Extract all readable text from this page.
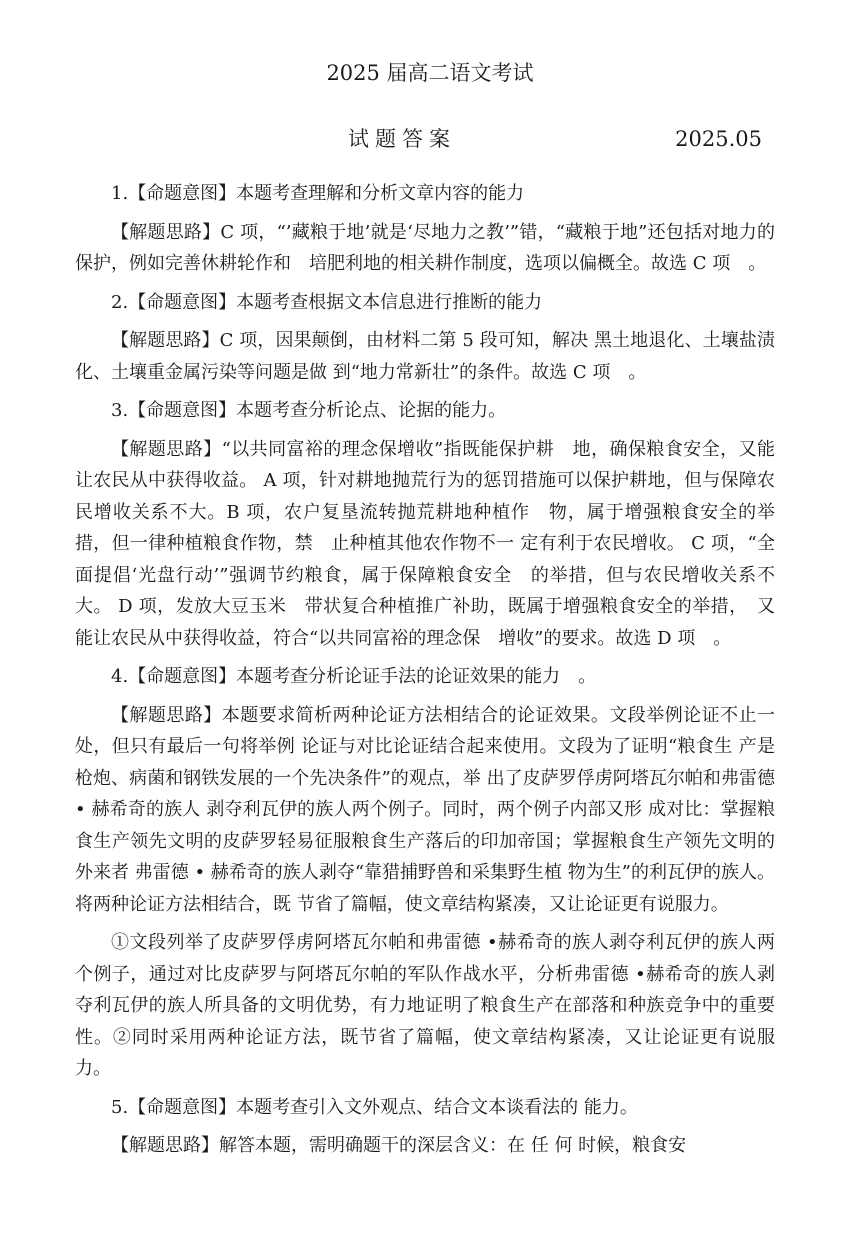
2025 届高二语文考试
试题答案	2025.05

1.【命题意图】本题考查理解和分析文章内容的能力

【解题思路】C 项，“’藏粮于地’就是‘尽地力之教’”错，“藏粮于地”还包括对地力的保护，例如完善休耕轮作和　培肥利地的相关耕作制度，选项以偏概全。故选 C 项　。

2.【命题意图】本题考查根据文本信息进行推断的能力

【解题思路】C 项，因果颠倒，由材料二第 5 段可知，解决 黑土地退化、土壤盐渍化、土壤重金属污染等问题是做 到“地力常新壮”的条件。故选 C 项　。

3.【命题意图】本题考查分析论点、论据的能力。

【解题思路】“以共同富裕的理念保增收”指既能保护耕　地，确保粮食安全，又能让农民从中获得收益。 A 项，针对耕地抛荒行为的惩罚措施可以保护耕地，但与保障农　民增收关系不大。B 项，农户复垦流转抛荒耕地种植作　物，属于增强粮食安全的举措，但一律种植粮食作物，禁　止种植其他农作物不一 定有利于农民增收。 C 项，“全　面提倡‘光盘行动’”强调节约粮食，属于保障粮食安全　的举措，但与农民增收关系不大。 D 项，发放大豆玉米　带状复合种植推广补助，既属于增强粮食安全的举措，　又能让农民从中获得收益，符合“以共同富裕的理念保　增收”的要求。故选 D 项　。

4.【命题意图】本题考查分析论证手法的论证效果的能力　。

【解题思路】本题要求简析两种论证方法相结合的论证效果。文段举例论证不止一处，但只有最后一句将举例 论证与对比论证结合起来使用。文段为了证明“粮食生 产是枪炮、病菌和钢铁发展的一个先决条件”的观点，举 出了皮萨罗俘虏阿塔瓦尔帕和弗雷德 • 赫希奇的族人 剥夺利瓦伊的族人两个例子。同时，两个例子内部又形 成对比：掌握粮食生产领先文明的皮萨罗轻易征服粮食生产落后的印加帝国；掌握粮食生产领先文明的外来者 弗雷德 • 赫希奇的族人剥夺“靠猎捕野兽和采集野生植 物为生”的利瓦伊的族人。将两种论证方法相结合，既 节省了篇幅，使文章结构紧凑，又让论证更有说服力。

①文段列举了皮萨罗俘虏阿塔瓦尔帕和弗雷德 •赫希奇的族人剥夺利瓦伊的族人两个例子，通过对比皮萨罗与阿塔瓦尔帕的军队作战水平，分析弗雷德 •赫希奇的族人剥夺利瓦伊的族人所具备的文明优势，有力地证明了粮食生产在部落和种族竞争中的重要性。②同时采用两种论证方法，既节省了篇幅，使文章结构紧凑，又让论证更有说服力。

5.【命题意图】本题考查引入文外观点、结合文本谈看法的 能力。

【解题思路】解答本题，需明确题干的深层含义：在 任 何 时候，粮食安
